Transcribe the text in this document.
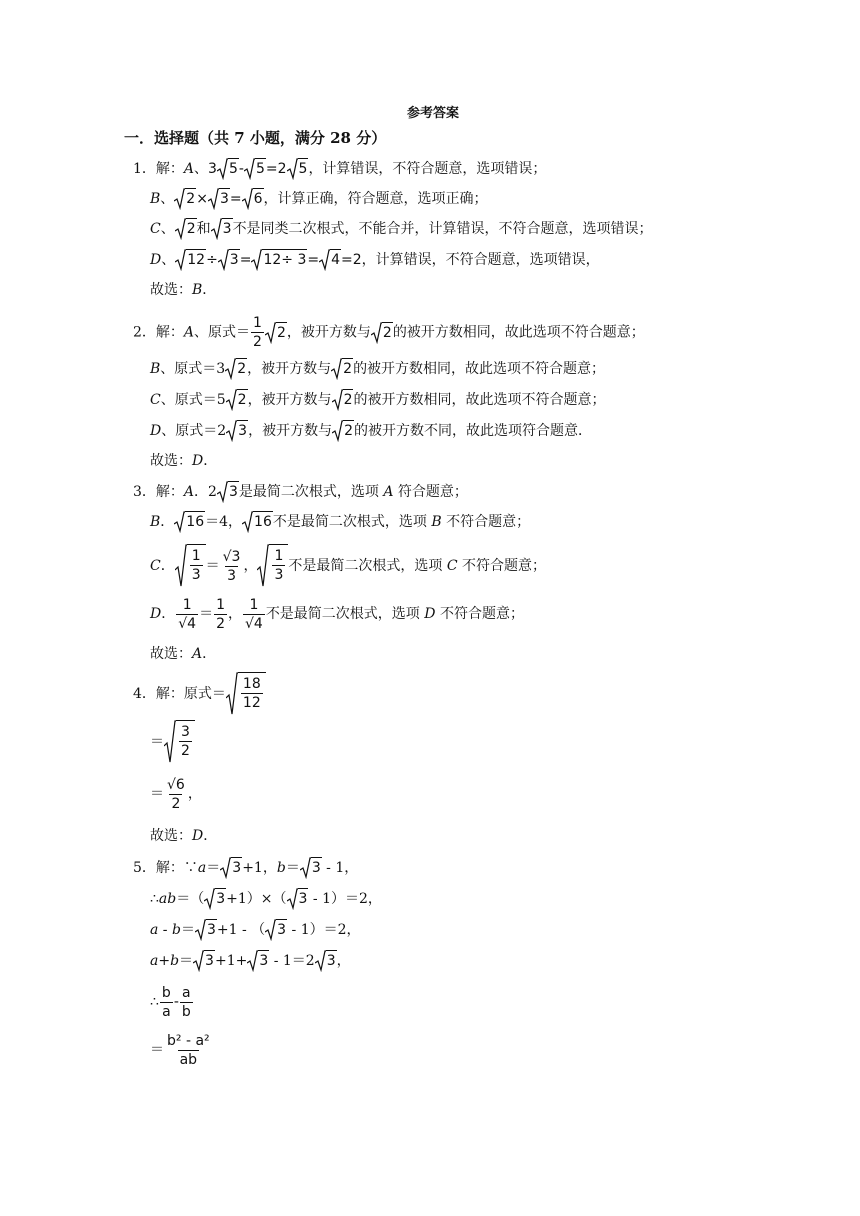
参考答案
一．选择题（共 7 小题，满分 28 分）
1．解：A、3 5 - 5 =2 5 ，计算错误，不符合题意，选项错误；
B、 2 × 3 = 6 ，计算正确，符合题意，选项正确；
C、 2 和 3 不是同类二次根式，不能合并，计算错误，不符合题意，选项错误；
D、 12 ÷ 3 = 12÷ 3 = 4 =2，计算错误，不符合题意，选项错误，
故选：B．
2．解：A、原式＝ $\frac{1}{2} 2$ ，被开方数与 2 的被开方数相同，故此选项不符合题意；
B、原式＝3 2 ，被开方数与 2 的被开方数相同，故此选项不符合题意；
C、原式＝5 2 ，被开方数与 2 的被开方数相同，故此选项不符合题意；
D、原式＝2 3 ，被开方数与 2 的被开方数不同，故此选项符合题意．
故选：D．
3．解：A．2 3 是最简二次根式，选项 A 符合题意；
B． 16 ＝4， 16 不是最简二次根式，选项 B 不符合题意；
C． $\frac{1}{3} = \frac{√3}{3}$ ， $\frac{1}{3}$ 不是最简二次根式，选项 C 不符合题意；
D． $\frac{1}{√4} = \frac{1}{2}$ ， $\frac{1}{√4}$ 不是最简二次根式，选项 D 不符合题意；
故选：A．
4．解：原式＝ $\frac{18}{12}$
＝ $\frac{3}{2}$
＝ $\frac{√6}{2}$ ，
故选：D．
5．解：∵a＝ 3 +1，b＝ 3 - 1，
∴ab＝（ 3 +1）×（ 3 - 1）＝2，
a - b＝ 3 +1 - （ 3 - 1）＝2，
a+b＝ 3 +1+ 3 - 1＝2 3 ，
∴ $\frac{b}{a} - \frac{a}{b}$
＝ $\frac{\text{b² - a²}}{ab}$
